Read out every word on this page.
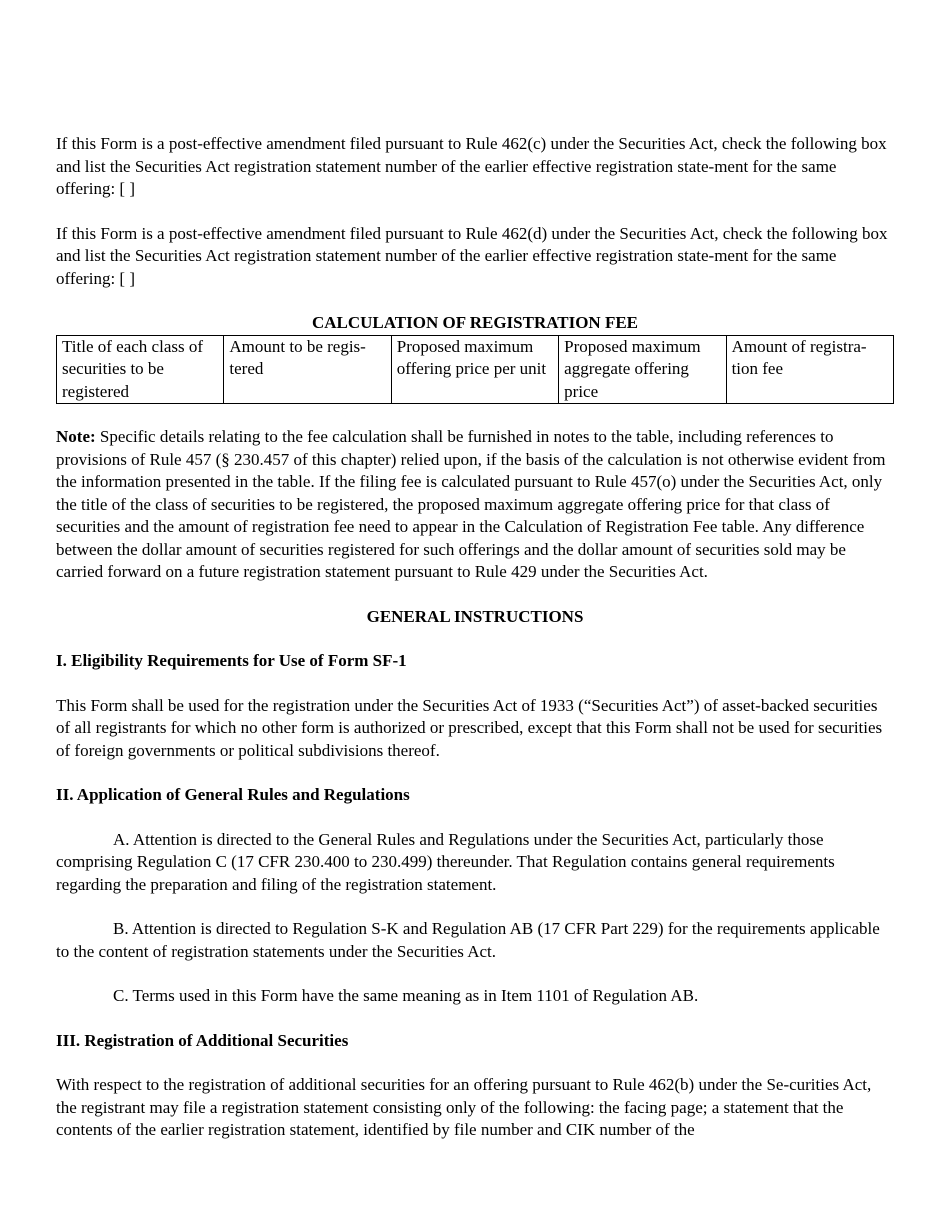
If this Form is a post-effective amendment filed pursuant to Rule 462(c) under the Securities Act, check the following box and list the Securities Act registration statement number of the earlier effective registration state-ment for the same offering: [ ]

If this Form is a post-effective amendment filed pursuant to Rule 462(d) under the Securities Act, check the following box and list the Securities Act registration statement number of the earlier effective registration state-ment for the same offering: [ ]

CALCULATION OF REGISTRATION FEE

Title of each class of securities to be registered	Amount to be regis-tered	Proposed maximum offering price per unit	Proposed maximum aggregate offering price	Amount of registra-tion fee

Note: Specific details relating to the fee calculation shall be furnished in notes to the table, including references to provisions of Rule 457 (§ 230.457 of this chapter) relied upon, if the basis of the calculation is not otherwise evident from the information presented in the table. If the filing fee is calculated pursuant to Rule 457(o) under the Securities Act, only the title of the class of securities to be registered, the proposed maximum aggregate offering price for that class of securities and the amount of registration fee need to appear in the Calculation of Registration Fee table. Any difference between the dollar amount of securities registered for such offerings and the dollar amount of securities sold may be carried forward on a future registration statement pursuant to Rule 429 under the Securities Act.

GENERAL INSTRUCTIONS

I. Eligibility Requirements for Use of Form SF-1

This Form shall be used for the registration under the Securities Act of 1933 (“Securities Act”) of asset-backed securities of all registrants for which no other form is authorized or prescribed, except that this Form shall not be used for securities of foreign governments or political subdivisions thereof.

II. Application of General Rules and Regulations

A. Attention is directed to the General Rules and Regulations under the Securities Act, particularly those comprising Regulation C (17 CFR 230.400 to 230.499) thereunder. That Regulation contains general requirements regarding the preparation and filing of the registration statement.

B. Attention is directed to Regulation S-K and Regulation AB (17 CFR Part 229) for the requirements applicable to the content of registration statements under the Securities Act.

C. Terms used in this Form have the same meaning as in Item 1101 of Regulation AB.

III. Registration of Additional Securities

With respect to the registration of additional securities for an offering pursuant to Rule 462(b) under the Se-curities Act, the registrant may file a registration statement consisting only of the following: the facing page; a statement that the contents of the earlier registration statement, identified by file number and CIK number of the
